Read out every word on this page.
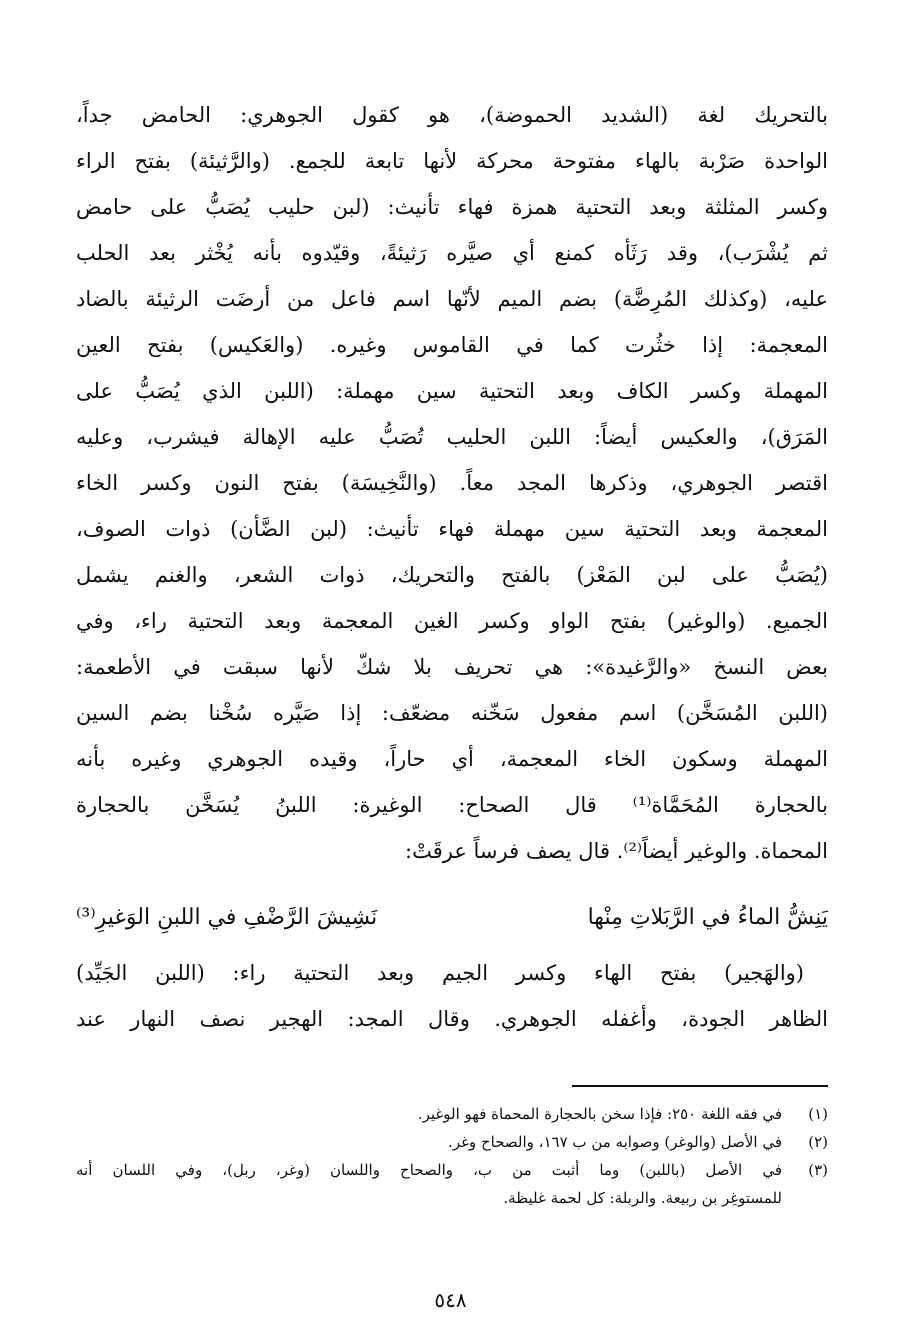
بالتحريك لغة (الشديد الحموضة)، هو كقول الجوهري: الحامض جداً،
الواحدة صَرْبة بالهاء مفتوحة محركة لأنها تابعة للجمع. (والرَّثيئة) بفتح الراء
وكسر المثلثة وبعد التحتية همزة فهاء تأنيث: (لبن حليب يُصَبُّ على حامض
ثم يُشْرَب)، وقد رَثَأه كمنع أي صيَّره رَثيئةً، وقيّدوه بأنه يُخْثر بعد الحلب
عليه، (وكذلك المُرِضَّة) بضم الميم لأنّها اسم فاعل من أرضَت الرثيئة بالضاد
المعجمة: إذا خثُرت كما في القاموس وغيره. (والعَكيس) بفتح العين
المهملة وكسر الكاف وبعد التحتية سين مهملة: (اللبن الذي يُصَبُّ على
المَرَق)، والعكيس أيضاً: اللبن الحليب تُصَبُّ عليه الإهالة فيشرب، وعليه
اقتصر الجوهري، وذكرها المجد معاً. (والنَّخِيسَة) بفتح النون وكسر الخاء
المعجمة وبعد التحتية سين مهملة فهاء تأنيث: (لبن الضَّأن) ذوات الصوف،
(يُصَبُّ على لبن المَعْز) بالفتح والتحريك، ذوات الشعر، والغنم يشمل
الجميع. (والوغير) بفتح الواو وكسر الغين المعجمة وبعد التحتية راء، وفي
بعض النسخ «والرَّغيدة»: هي تحريف بلا شكّ لأنها سبقت في الأطعمة:
(اللبن المُسَخَّن) اسم مفعول سَخّنه مضعّف: إذا صَيَّره سُخْنا بضم السين
المهملة وسكون الخاء المعجمة، أي حاراً، وقيده الجوهري وغيره بأنه
بالحجارة المُحَمَّاة⁽¹⁾ قال الصحاح: الوغيرة: اللبنُ يُسَخَّن بالحجارة
المحماة. والوغير أيضاً⁽²⁾. قال يصف فرساً عرقَتْ:
يَنِشُّ الماءُ في الرَّبَلاتِ مِنْها
نَشِيشَ الرَّضْفِ في اللبنِ الوَغيرِ⁽³⁾
(والهَجير) بفتح الهاء وكسر الجيم وبعد التحتية راء: (اللبن الجَيِّد)
الظاهر الجودة، وأغفله الجوهري. وقال المجد: الهجير نصف النهار عند
(١)
في فقه اللغة ٢٥٠: فإذا سخن بالحجارة المحماة فهو الوغير.
(٢)
في الأصل (والوغر) وصوابه من ب ١٦٧، والصحاح وغر.
(٣)
في الأصل (باللبن) وما أثبت من ب، والصحاح واللسان (وغر، ربل)، وفي اللسان أنه
للمستوغِر بن ربيعة. والربلة: كل لحمة غليظة.
٥٤٨
